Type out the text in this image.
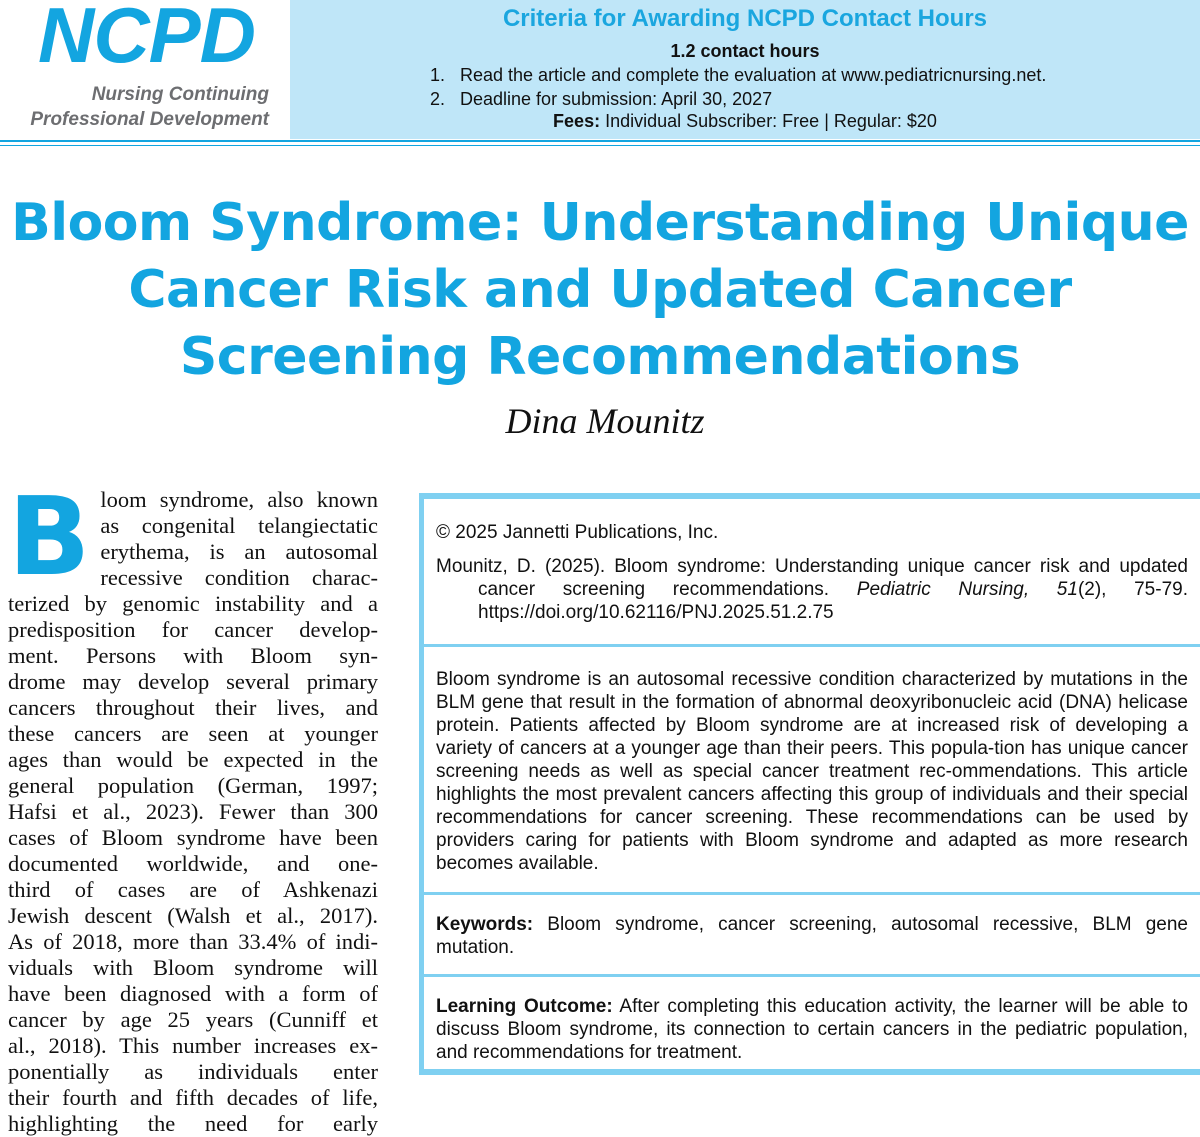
NCPD
Nursing Continuing
Professional Development
Criteria for Awarding NCPD Contact Hours
1.2 contact hours
1. Read the article and complete the evaluation at www.pediatricnursing.net.
2. Deadline for submission: April 30, 2027
Fees: Individual Subscriber: Free | Regular: $20
Bloom Syndrome: Understanding Unique
Cancer Risk and Updated Cancer
Screening Recommendations
Dina Mounitz
B loom syndrome, also known
as congenital telangiectatic
erythema, is an autosomal
recessive condition charac-
terized by genomic instability and a
predisposition for cancer develop-
ment. Persons with Bloom syn-
drome may develop several primary
cancers throughout their lives, and
these cancers are seen at younger
ages than would be expected in the
general population (German, 1997;
Hafsi et al., 2023). Fewer than 300
cases of Bloom syndrome have been
documented worldwide, and one-
third of cases are of Ashkenazi
Jewish descent (Walsh et al., 2017).
As of 2018, more than 33.4% of indi-
viduals with Bloom syndrome will
have been diagnosed with a form of
cancer by age 25 years (Cunniff et
al., 2018). This number increases ex-
ponentially as individuals enter
their fourth and fifth decades of life,
highlighting the need for early
© 2025 Jannetti Publications, Inc.
Mounitz, D. (2025). Bloom syndrome: Understanding unique cancer risk and updated cancer screening recommendations. Pediatric Nursing, 51(2), 75-79. https://doi.org/10.62116/PNJ.2025.51.2.75
Bloom syndrome is an autosomal recessive condition characterized by mutations in the BLM gene that result in the formation of abnormal deoxyribonucleic acid (DNA) helicase protein. Patients affected by Bloom syndrome are at increased risk of developing a variety of cancers at a younger age than their peers. This popula-tion has unique cancer screening needs as well as special cancer treatment rec-ommendations. This article highlights the most prevalent cancers affecting this group of individuals and their special recommendations for cancer screening. These recommendations can be used by providers caring for patients with Bloom syndrome and adapted as more research becomes available.
Keywords: Bloom syndrome, cancer screening, autosomal recessive, BLM gene mutation.
Learning Outcome: After completing this education activity, the learner will be able to discuss Bloom syndrome, its connection to certain cancers in the pediatric population, and recommendations for treatment.
